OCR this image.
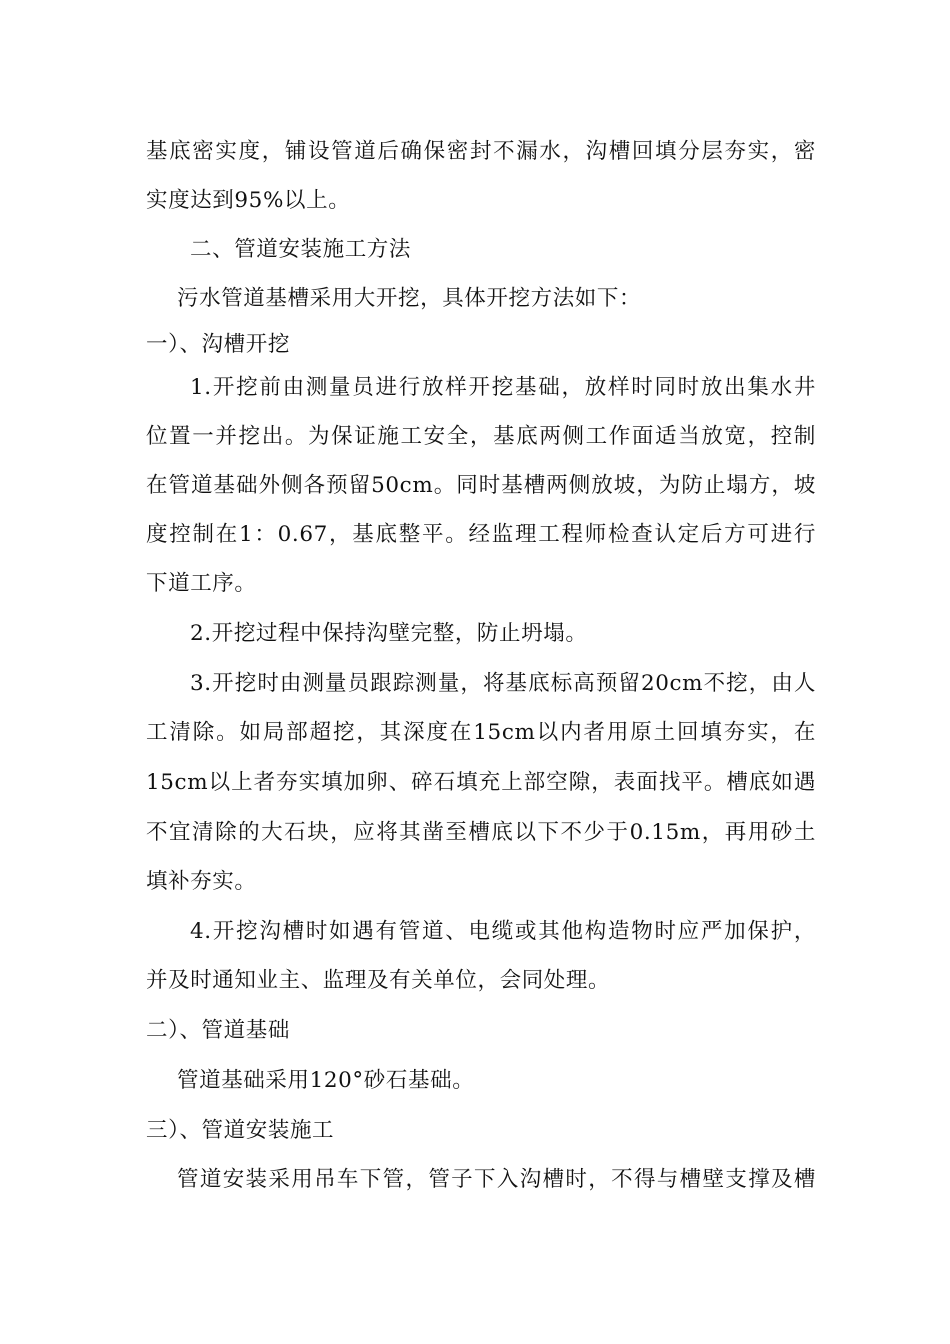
基底密实度，铺设管道后确保密封不漏水，沟槽回填分层夯实，密
实度达到95%以上。
二、管道安装施工方法
污水管道基槽采用大开挖，具体开挖方法如下：
一）、沟槽开挖
1.开挖前由测量员进行放样开挖基础，放样时同时放出集水井
位置一并挖出。为保证施工安全，基底两侧工作面适当放宽，控制
在管道基础外侧各预留50cm。同时基槽两侧放坡，为防止塌方，坡
度控制在1：0.67，基底整平。经监理工程师检查认定后方可进行
下道工序。
2.开挖过程中保持沟壁完整，防止坍塌。
3.开挖时由测量员跟踪测量，将基底标高预留20cm不挖，由人
工清除。如局部超挖，其深度在15cm以内者用原土回填夯实，在
15cm以上者夯实填加卵、碎石填充上部空隙，表面找平。槽底如遇
不宜清除的大石块，应将其凿至槽底以下不少于0.15m，再用砂土
填补夯实。
4.开挖沟槽时如遇有管道、电缆或其他构造物时应严加保护，
并及时通知业主、监理及有关单位，会同处理。
二）、管道基础
管道基础采用120°砂石基础。
三）、管道安装施工
管道安装采用吊车下管，管子下入沟槽时，不得与槽壁支撑及槽
